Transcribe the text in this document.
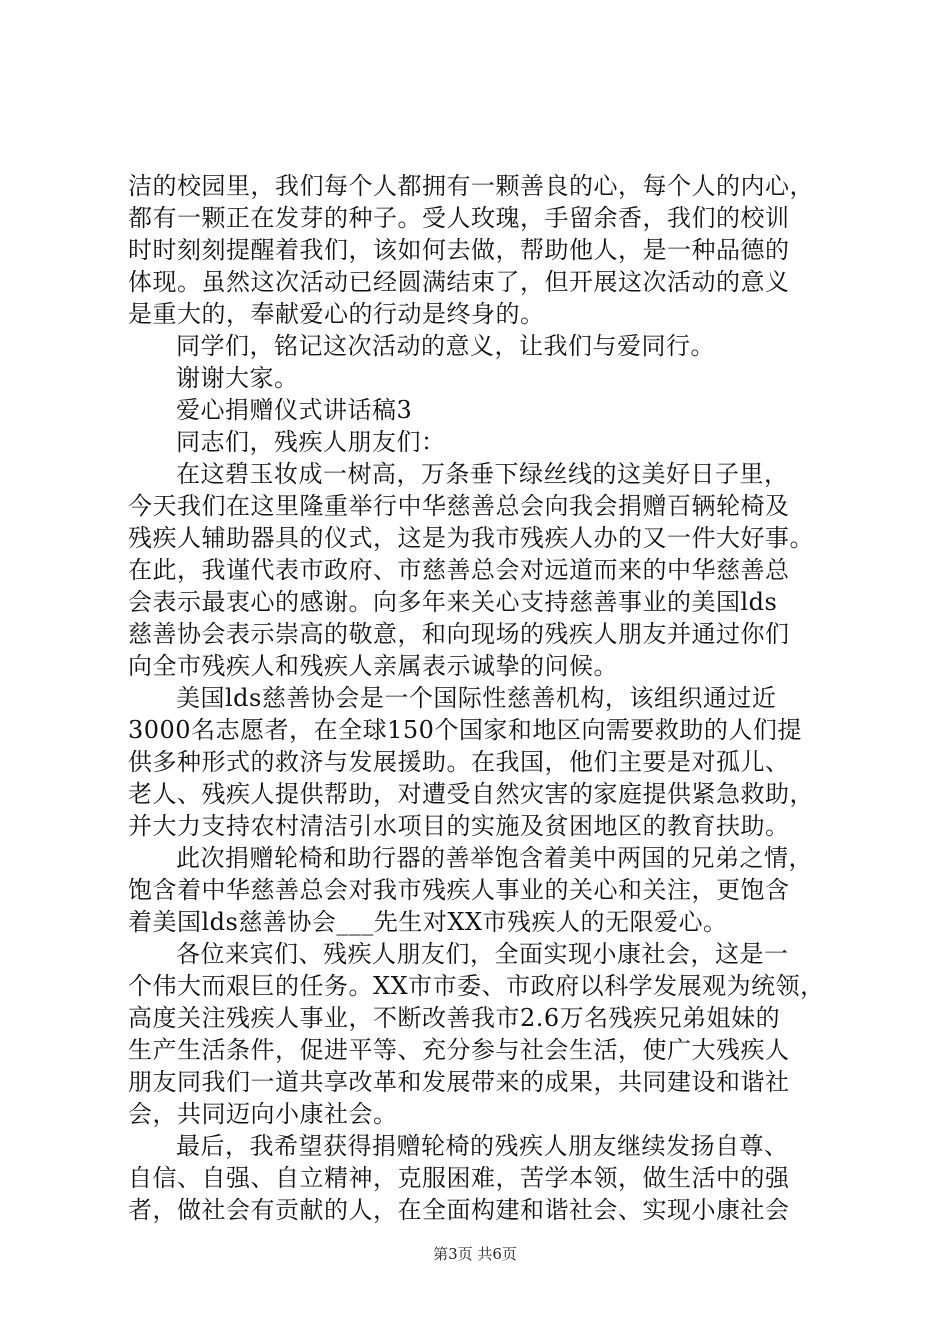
洁的校园里，我们每个人都拥有一颗善良的心，每个人的内心，
都有一颗正在发芽的种子。受人玫瑰，手留余香，我们的校训
时时刻刻提醒着我们，该如何去做，帮助他人，是一种品德的
体现。虽然这次活动已经圆满结束了，但开展这次活动的意义
是重大的，奉献爱心的行动是终身的。
同学们，铭记这次活动的意义，让我们与爱同行。
谢谢大家。
爱心捐赠仪式讲话稿3
同志们，残疾人朋友们：
在这碧玉妆成一树高，万条垂下绿丝线的这美好日子里，
今天我们在这里隆重举行中华慈善总会向我会捐赠百辆轮椅及
残疾人辅助器具的仪式，这是为我市残疾人办的又一件大好事。
在此，我谨代表市政府、市慈善总会对远道而来的中华慈善总
会表示最衷心的感谢。向多年来关心支持慈善事业的美国lds
慈善协会表示崇高的敬意，和向现场的残疾人朋友并通过你们
向全市残疾人和残疾人亲属表示诚挚的问候。
美国lds慈善协会是一个国际性慈善机构，该组织通过近
3000名志愿者，在全球150个国家和地区向需要救助的人们提
供多种形式的救济与发展援助。在我国，他们主要是对孤儿、
老人、残疾人提供帮助，对遭受自然灾害的家庭提供紧急救助，
并大力支持农村清洁引水项目的实施及贫困地区的教育扶助。
此次捐赠轮椅和助行器的善举饱含着美中两国的兄弟之情，
饱含着中华慈善总会对我市残疾人事业的关心和关注，更饱含
着美国lds慈善协会___先生对XX市残疾人的无限爱心。
各位来宾们、残疾人朋友们，全面实现小康社会，这是一
个伟大而艰巨的任务。XX市市委、市政府以科学发展观为统领，
高度关注残疾人事业，不断改善我市2.6万名残疾兄弟姐妹的
生产生活条件，促进平等、充分参与社会生活，使广大残疾人
朋友同我们一道共享改革和发展带来的成果，共同建设和谐社
会，共同迈向小康社会。
最后，我希望获得捐赠轮椅的残疾人朋友继续发扬自尊、
自信、自强、自立精神，克服困难，苦学本领，做生活中的强
者，做社会有贡献的人，在全面构建和谐社会、实现小康社会
第3页 共6页
